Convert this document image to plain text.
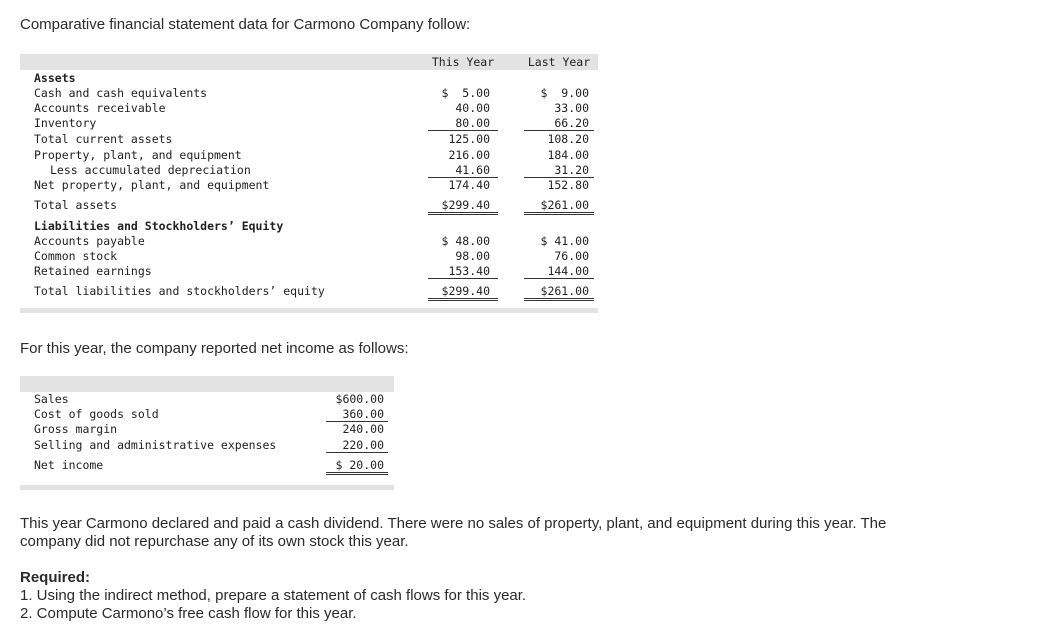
Comparative financial statement data for Carmono Company follow:
This Year	Last Year
Assets
Cash and cash equivalents	$  5.00	$  9.00
Accounts receivable	40.00	33.00
Inventory	80.00	66.20
Total current assets	125.00	108.20
Property, plant, and equipment	216.00	184.00
Less accumulated depreciation	41.60	31.20
Net property, plant, and equipment	174.40	152.80
Total assets	$299.40	$261.00
Liabilities and Stockholders’ Equity
Accounts payable	$ 48.00	$ 41.00
Common stock	98.00	76.00
Retained earnings	153.40	144.00
Total liabilities and stockholders’ equity	$299.40	$261.00
For this year, the company reported net income as follows:
Sales	$600.00
Cost of goods sold	360.00
Gross margin	240.00
Selling and administrative expenses	220.00
Net income	$ 20.00
This year Carmono declared and paid a cash dividend. There were no sales of property, plant, and equipment during this year. The company did not repurchase any of its own stock this year.
Required:
1. Using the indirect method, prepare a statement of cash flows for this year.
2. Compute Carmono’s free cash flow for this year.
